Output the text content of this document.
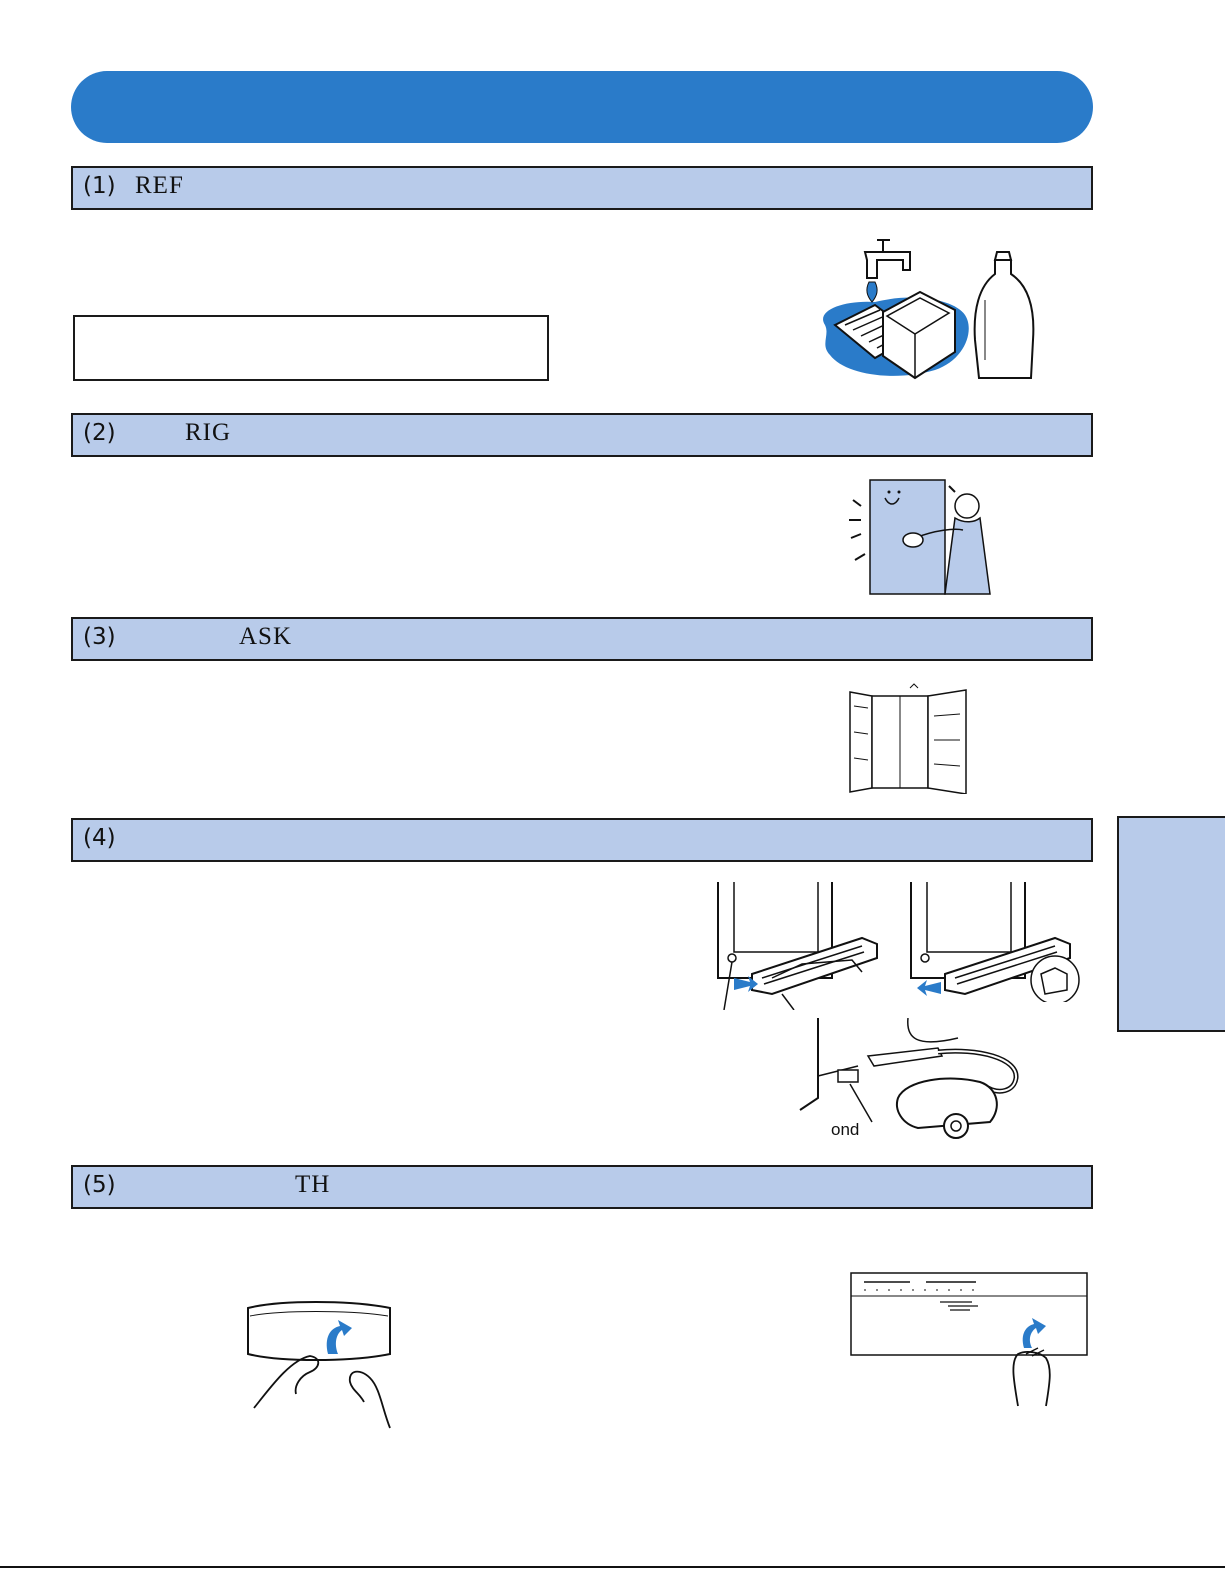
(1) REF
(2)	RIG
(3)	ASK
(4)
ond
(5)	TH
